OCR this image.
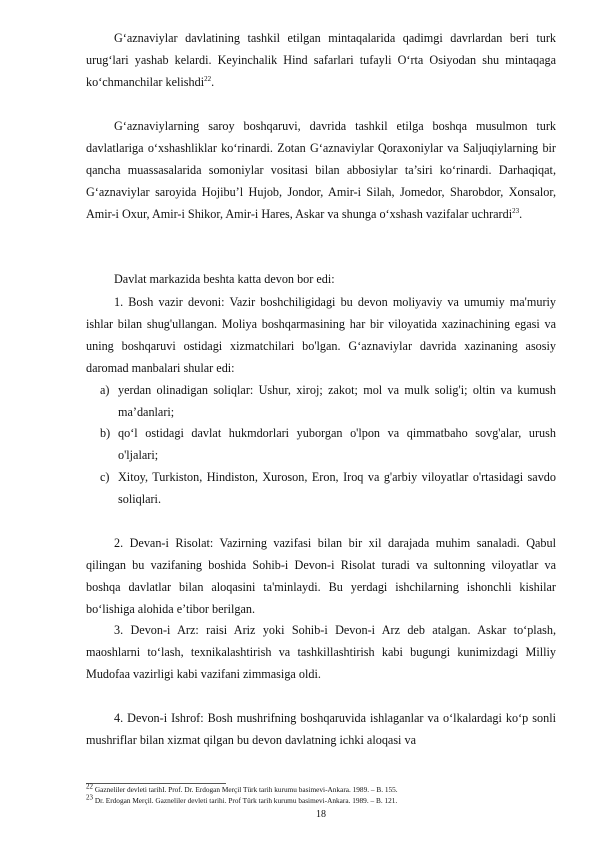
G‘aznaviylar davlatining tashkil etilgan mintaqalarida qadimgi davrlardan beri turk urug‘lari yashab kelardi. Keyinchalik Hind safarlari tufayli O‘rta Osiyodan shu mintaqaga ko‘chmanchilar kelishdi$^{22}$.

G‘aznaviylarning saroy boshqaruvi, davrida tashkil etilga boshqa musulmon turk davlatlariga o‘xshashliklar ko‘rinardi. Zotan G‘aznaviylar Qoraxoniylar va Saljuqiylarning bir qancha muassasalarida somoniylar vositasi bilan abbosiylar ta’siri ko‘rinardi. Darhaqiqat, G‘aznaviylar saroyida Hojibu’l Hujob, Jondor, Amir-i Silah, Jomedor, Sharobdor, Xonsalor, Amir-i Oxur, Amir-i Shikor, Amir-i Hares, Askar va shunga o‘xshash vazifalar uchrardi$^{23}$.

Davlat markazida beshta katta devon bor edi:

1. Bosh vazir devoni: Vazir boshchiligidagi bu devon moliyaviy va umumiy ma'muriy ishlar bilan shug'ullangan. Moliya boshqarmasining har bir viloyatida xazinachining egasi va uning boshqaruvi ostidagi xizmatchilari bo'lgan. G‘aznaviylar davrida xazinaning asosiy daromad manbalari shular edi:

a) yerdan olinadigan soliqlar: Ushur, xiroj; zakot; mol va mulk solig'i; oltin va kumush ma’danlari;
b) qo‘l ostidagi davlat hukmdorlari yuborgan o'lpon va qimmatbaho sovg'alar, urush o'ljalari;
c) Xitoy, Turkiston, Hindiston, Xuroson, Eron, Iroq va g'arbiy viloyatlar o'rtasidagi savdo soliqlari.

2. Devan-i Risolat: Vazirning vazifasi bilan bir xil darajada muhim sanaladi. Qabul qilingan bu vazifaning boshida Sohib-i Devon-i Risolat turadi va sultonning viloyatlar va boshqa davlatlar bilan aloqasini ta'minlaydi. Bu yerdagi ishchilarning ishonchli kishilar bo‘lishiga alohida e’tibor berilgan.

3. Devon-i Arz: raisi Ariz yoki Sohib-i Devon-i Arz deb atalgan. Askar to‘plash, maoshlarni to‘lash, texnikalashtirish va tashkillashtirish kabi bugungi kunimizdagi Milliy Mudofaa vazirligi kabi vazifani zimmasiga oldi.

4. Devon-i Ishrof: Bosh mushrifning boshqaruvida ishlaganlar va o‘lkalardagi ko‘p sonli mushriflar bilan xizmat qilgan bu devon davlatning ichki aloqasi va

$^{22}$ Gazneliler devleti tarihI. Prof. Dr. Erdogan Merçil Türk tarih kurumu basimevi-Ankara. 1989. – B. 155.
$^{23}$ Dr. Erdogan Merçil. Gazneliler devleti tarihi. Prof Türk tarih kurumu basimevi-Ankara. 1989. – B. 121.
18
